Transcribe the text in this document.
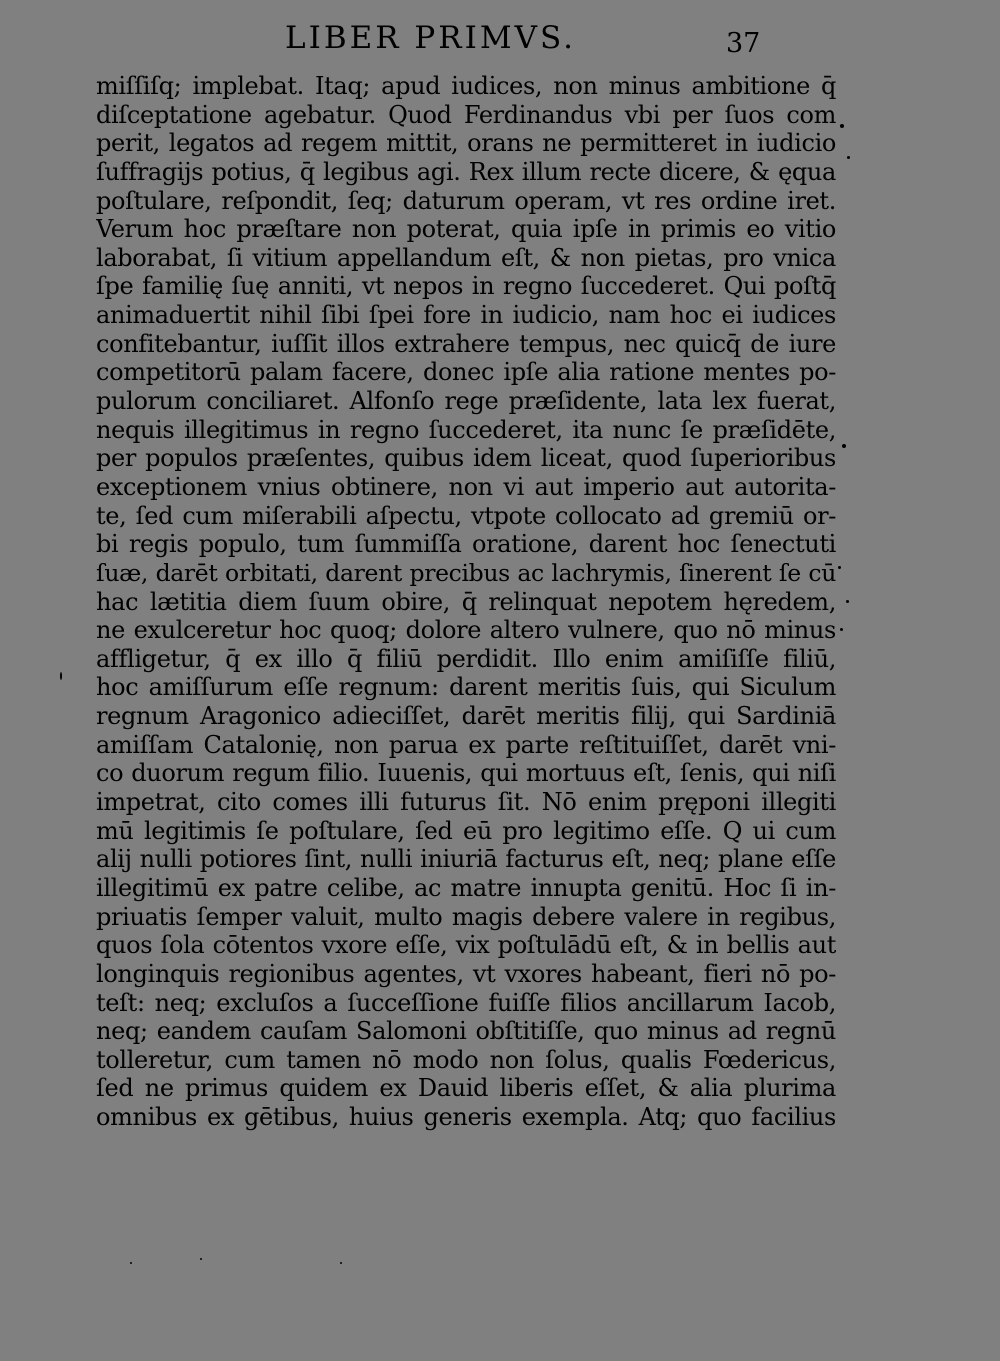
LIBER PRIMVS.	37
miſſiſq; implebat. Itaq; apud iudices, non minus ambitione q̄
diſceptatione agebatur. Quod Ferdinandus vbi per ſuos com
perit, legatos ad regem mittit, orans ne permitteret in iudicio
ſuffragijs potius, q̄ legibus agi. Rex illum recte dicere, & ęqua
poſtulare, reſpondit, ſeq; daturum operam, vt res ordine iret.
Verum hoc præſtare non poterat, quia ipſe in primis eo vitio
laborabat, ſi vitium appellandum eſt, & non pietas, pro vnica
ſpe familię ſuę anniti, vt nepos in regno ſuccederet. Qui poſtq̄
animaduertit nihil ſibi ſpei fore in iudicio, nam hoc ei iudices
confitebantur, iuſſit illos extrahere tempus, nec quicq̄ de iure
competitorū palam facere, donec ipſe alia ratione mentes po-
pulorum conciliaret. Alfonſo rege præſidente, lata lex fuerat,
nequis illegitimus in regno ſuccederet, ita nunc ſe præſidēte,
per populos præſentes, quibus idem liceat, quod ſuperioribus
exceptionem vnius obtinere, non vi aut imperio aut autorita-
te, ſed cum miſerabili aſpectu, vtpote collocato ad gremiū or-
bi regis populo, tum ſummiſſa oratione, darent hoc ſenectuti
ſuæ, darēt orbitati, darent precibus ac lachrymis, ſinerent ſe cū
hac lætitia diem ſuum obire, q̄ relinquat nepotem hęredem,
ne exulceretur hoc quoq; dolore altero vulnere, quo nō minus
affligetur, q̄ ex illo q̄ filiū perdidit. Illo enim amiſiſſe filiū,
hoc amiſſurum eſſe regnum: darent meritis ſuis, qui Siculum
regnum Aragonico adieciſſet, darēt meritis filij, qui Sardiniā
amiſſam Catalonię, non parua ex parte reſtituiſſet, darēt vni-
co duorum regum filio. Iuuenis, qui mortuus eſt, ſenis, qui niſi
impetrat, cito comes illi futurus ſit. Nō enim pręponi illegiti
mū legitimis ſe poſtulare, ſed eū pro legitimo eſſe. Q ui cum
alij nulli potiores ſint, nulli iniuriā facturus eſt, neq; plane eſſe
illegitimū ex patre celibe, ac matre innupta genitū. Hoc ſi in-
priuatis ſemper valuit, multo magis debere valere in regibus,
quos ſola cōtentos vxore eſſe, vix poſtulādū eſt, & in bellis aut
longinquis regionibus agentes, vt vxores habeant, fieri nō po-
teſt: neq; excluſos a ſucceſſione fuiſſe filios ancillarum Iacob,
neq; eandem cauſam Salomoni obſtitiſſe, quo minus ad regnū
tolleretur, cum tamen nō modo non ſolus, qualis Fœdericus,
ſed ne primus quidem ex Dauid liberis eſſet, & alia plurima
omnibus ex gētibus, huius generis exempla. Atq; quo facilius
